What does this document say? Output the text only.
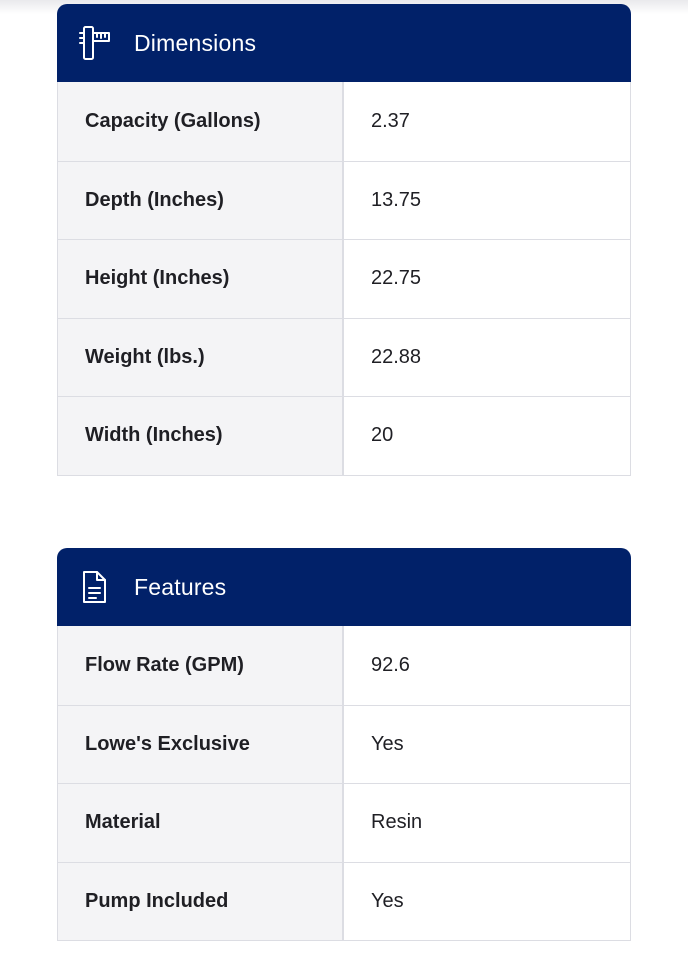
Dimensions
Capacity (Gallons)	2.37
Depth (Inches)	13.75
Height (Inches)	22.75
Weight (lbs.)	22.88
Width (Inches)	20
Features
Flow Rate (GPM)	92.6
Lowe's Exclusive	Yes
Material	Resin
Pump Included	Yes
